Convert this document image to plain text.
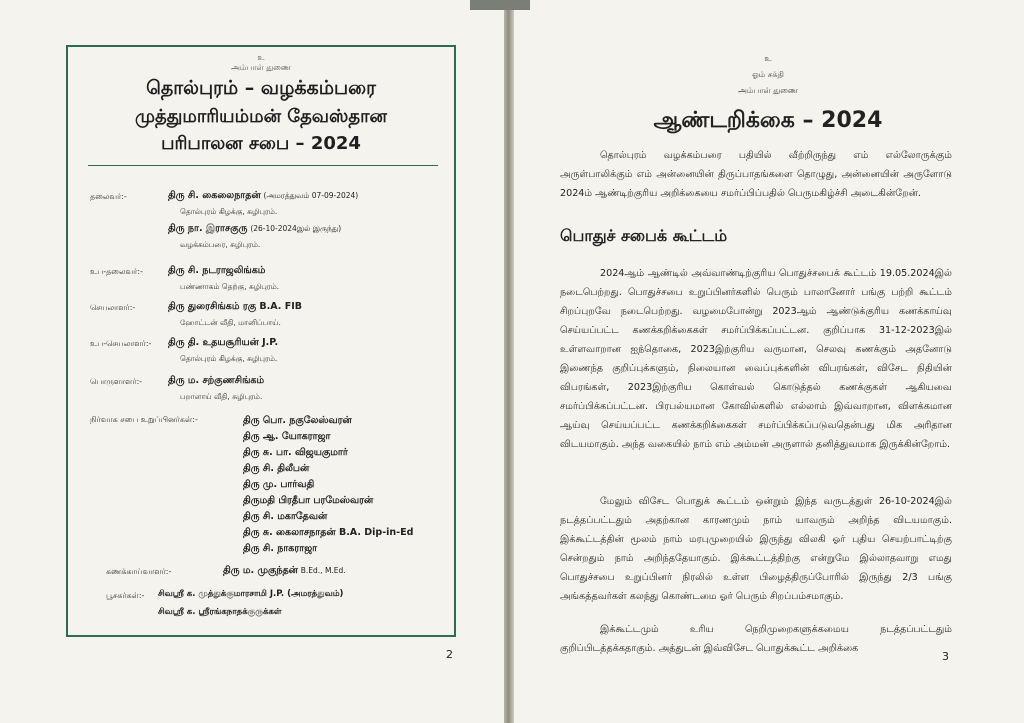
உ
அம்பாள் துணை
தொல்புரம் – வழக்கம்பரை
முத்துமாரியம்மன் தேவஸ்தான
பரிபாலன சபை – 2024
தலைவர்:-	திரு சி. கைலைநாதன் (அமரத்துவம் 07-09-2024)
தொல்புரம் கிழக்கு, சுழிபுரம்.
திரு நா. இராசகுரு (26-10-2024இல் இருந்து)
வழக்கம்பரை, சுழிபுரம்.
உப-தலைவர்:-	திரு சி. நடராஜலிங்கம்
பண்ணாகம் தெற்கு, சுழிபுரம்.
செயலாளர்:-	திரு துரைசிங்கம் ரகு B.A. FIB
ஹோட்டன் வீதி, மானிப்பாய்.
உப-செயலாளர்:- திரு தி. உதயசூரியன் J.P.
தொல்புரம் கிழக்கு, சுழிபுரம்.
பொருளாளர்:-	திரு ம. சற்குணசிங்கம்
பறாளாய் வீதி, சுழிபுரம்.
நிர்வாக சபை உறுப்பினர்கள்:-	திரு பொ. நகுலேஸ்வரன்
திரு ஆ. யோகராஜா
திரு சு. பா. விஜயகுமார்
திரு சி. திலீபன்
திரு மு. பார்வதி
திருமதி பிரதீபா பரமேஸ்வரன்
திரு சி. மகாதேவன்
திரு சு. கைலாசநாதன் B.A. Dip-in-Ed
திரு சி. நாகராஜா
கணக்காய்வாளர்:-	திரு ம. முகுந்தன் B.Ed., M.Ed.
பூசகர்கள்:- சிவஸ்ரீ க. முத்துக்குமாரசாமி J.P. (அமரத்துவம்)
சிவஸ்ரீ க. ஸ்ரீரங்கநாதக்குருக்கள்
2
உ
ஓம் சக்தி
அம்பாள் துணை
ஆண்டறிக்கை – 2024

தொல்புரம் வழக்கம்பரை பதியில் வீற்றிருந்து எம் எல்லோருக்கும் அருள்பாலிக்கும் எம் அன்னையின் திருப்பாதங்களை தொழுது, அன்னையின் அருளோடு 2024ம் ஆண்டிற்குரிய அறிக்கையை சமர்ப்பிப்பதில் பெருமகிழ்ச்சி அடைகின்றேன்.

பொதுச் சபைக் கூட்டம்

2024ஆம் ஆண்டில் அவ்வாண்டிற்குரிய பொதுச்சபைக் கூட்டம் 19.05.2024இல் நடைபெற்றது. பொதுச்சபை உறுப்பினர்களில் பெரும் பாலானோர் பங்கு பற்றி கூட்டம் சிறப்புறவே நடைபெற்றது. வழமைபோன்று 2023ஆம் ஆண்டுக்குரிய கணக்காய்வு செய்யப்பட்ட கணக்கறிக்கைகள் சமர்ப்பிக்கப்பட்டன. குறிப்பாக 31-12-2023இல் உள்ளவாறான ஐந்தொகை, 2023இற்குரிய வருமான, செலவு கணக்கும் அதனோடு இணைந்த குறிப்புக்களும், நிலையான வைப்புக்களின் விபரங்கள், விசேட நிதியின் விபரங்கள், 2023இற்குரிய கொள்வல் கொடுத்தல் கணக்குகள் ஆகியவை சமர்ப்பிக்கப்பட்டன. பிரபல்யமான கோவில்களில் எல்லாம் இவ்வாறான, விளக்கமான ஆய்வு செய்யப்பட்ட கணக்கறிக்கைகள் சமர்ப்பிக்கப்படுவதென்பது மிக அரிதான விடயமாகும். அந்த வகையில் நாம் எம் அம்மன் அருளால் தனித்துவமாக இருக்கின்றோம்.

மேலும் விசேட பொதுக் கூட்டம் ஒன்றும் இந்த வருடத்துள் 26-10-2024இல் நடத்தப்பட்டதும் அதற்கான காரணமும் நாம் யாவரும் அறிந்த விடயமாகும். இக்கூட்டத்தின் மூலம் நாம் மரபுமுறையில் இருந்து விலகி ஓர் புதிய செயற்பாட்டிற்கு சென்றதும் நாம் அறிந்ததேயாகும். இக்கூட்டத்திற்கு என்றுமே இல்லாதவாறு எமது பொதுச்சபை உறுப்பினர் நிரலில் உள்ள பிழைத்திருப்போரில் இருந்து 2/3 பங்கு அங்கத்தவர்கள் கலந்து கொண்டமை ஓர் பெரும் சிறப்பம்சமாகும்.

இக்கூட்டமும் உரிய நெறிமுறைகளுக்கமைய நடத்தப்பட்டதும் குறிப்பிடத்தக்கதாகும். அத்துடன் இவ்விசேட பொதுக்கூட்ட அறிக்கை

3
